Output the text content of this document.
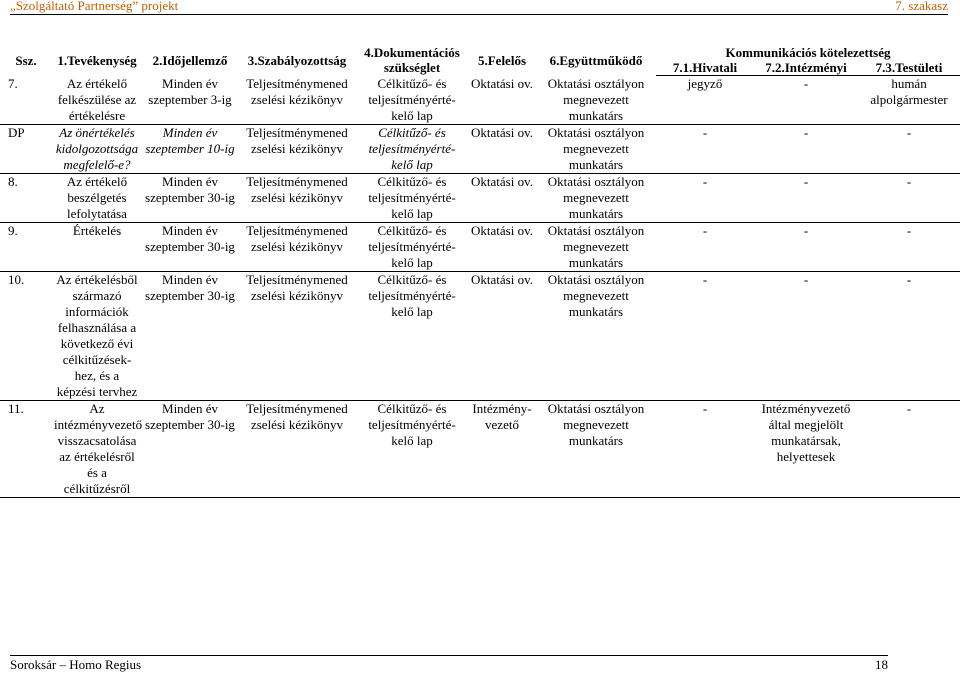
„Szolgáltató Partnerség” projekt	7. szakasz
Ssz.	1.Tevékenység	2.Időjellemző	3.Szabályozottság	4.Dokumentációs szükséglet	5.Felelős	6.Együttműködő	Kommunikációs kötelezettség		
							7.1.Hivatali	7.2.Intézményi	7.3.Testületi
7.	Az értékelő felkészülése az értékelésre	Minden év szeptember 3-ig	Teljesítménymened zselési kézikönyv	Célkitűző- és teljesítményérté-kelő lap	Oktatási ov.	Oktatási osztályon megnevezett munkatárs	jegyző	-	humán alpolgármester
DP	Az önértékelés kidolgozottsága megfelelő-e?	Minden év szeptember 10-ig	Teljesítménymened zselési kézikönyv	Célkitűző- és teljesítményérté-kelő lap	Oktatási ov.	Oktatási osztályon megnevezett munkatárs	-	-	-
8.	Az értékelő beszélgetés lefolytatása	Minden év szeptember 30-ig	Teljesítménymened zselési kézikönyv	Célkitűző- és teljesítményérté-kelő lap	Oktatási ov.	Oktatási osztályon megnevezett munkatárs	-	-	-
9.	Értékelés	Minden év szeptember 30-ig	Teljesítménymened zselési kézikönyv	Célkitűző- és teljesítményérté-kelő lap	Oktatási ov.	Oktatási osztályon megnevezett munkatárs	-	-	-
10.	Az értékelésből származó információk felhasználása a következő évi célkitűzések-hez, és a képzési tervhez	Minden év szeptember 30-ig	Teljesítménymened zselési kézikönyv	Célkitűző- és teljesítményérté-kelő lap	Oktatási ov.	Oktatási osztályon megnevezett munkatárs	-	-	-
11.	Az intézményvezető visszacsatolása az értékelésről és a célkitűzésről	Minden év szeptember 30-ig	Teljesítménymened zselési kézikönyv	Célkitűző- és teljesítményérté-kelő lap	Intézmény-vezető	Oktatási osztályon megnevezett munkatárs	-	Intézményvezető által megjelölt munkatársak, helyettesek	-
Soroksár – Homo Regius	18
